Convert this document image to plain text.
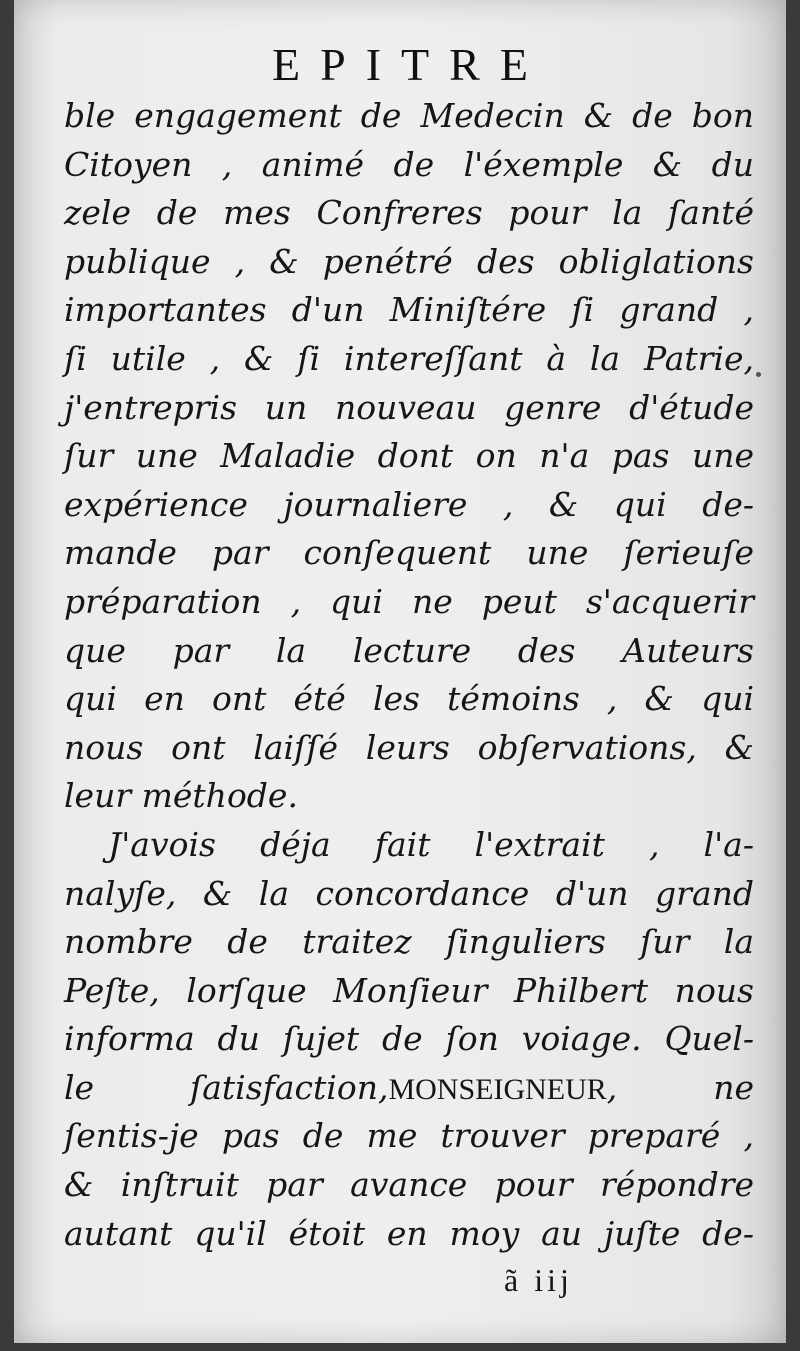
EPITRE
ble engagement de Medecin & de bon
Citoyen , animé de l'éxemple & du
zele de mes Confreres pour la ſanté
publique , & penétré des obliglations
importantes d'un Miniſtére ſi grand ,
ſi utile , & ſi intereſſant à la Patrie,
j'entrepris un nouveau genre d'étude
ſur une Maladie dont on n'a pas une
expérience journaliere , & qui de-
mande par conſequent une ſerieuſe
préparation , qui ne peut s'acquerir
que par la lecture des Auteurs
qui en ont été les témoins , & qui
nous ont laiſſé leurs obſervations, &
leur méthode.
J'avois déja fait l'extrait , l'a-
nalyſe, & la concordance d'un grand
nombre de traitez ſinguliers ſur la
Peſte, lorſque Monſieur Philbert nous
informa du ſujet de ſon voiage. Quel-
le ſatisfaction,MONSEIGNEUR, ne
ſentis-je pas de me trouver preparé ,
& inſtruit par avance pour répondre
autant qu'il étoit en moy au juſte de-
ã iij
